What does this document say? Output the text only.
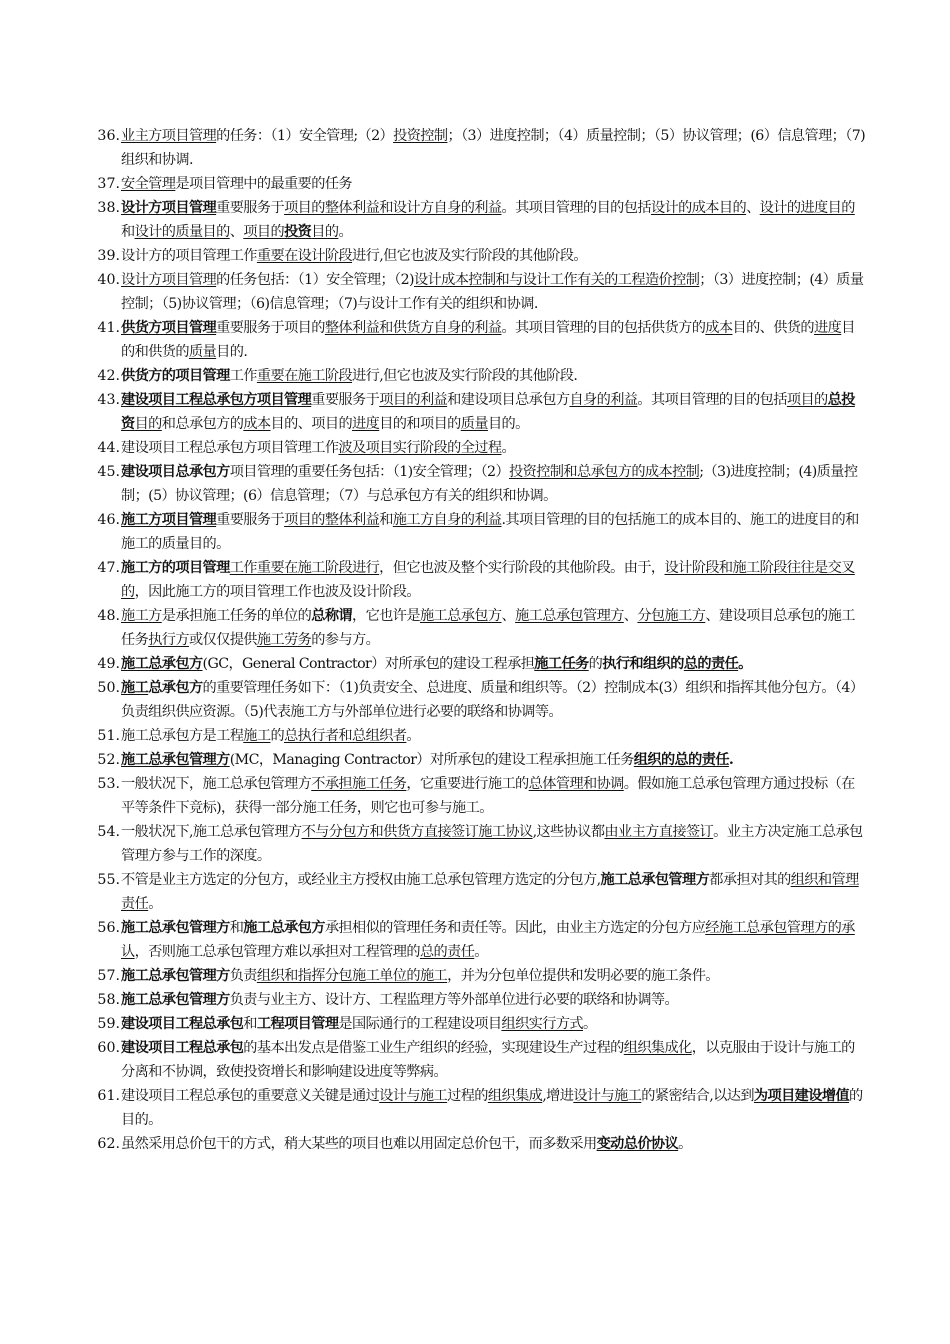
36. 业主方项目管理的任务：（1）安全管理;（2）投资控制；（3）进度控制；（4）质量控制；（5）协议管理；(6）信息管理；（7)组织和协调.
37. 安全管理是项目管理中的最重要的任务
38. 设计方项目管理重要服务于项目的整体利益和设计方自身的利益。其项目管理的目的包括设计的成本目的、设计的进度目的和设计的质量目的、项目的投资目的。
39. 设计方的项目管理工作重要在设计阶段进行,但它也波及实行阶段的其他阶段。
40. 设计方项目管理的任务包括：（1）安全管理；（2)设计成本控制和与设计工作有关的工程造价控制；（3）进度控制；(4）质量控制；（5)协议管理；（6)信息管理；（7)与设计工作有关的组织和协调.
41. 供货方项目管理重要服务于项目的整体利益和供货方自身的利益。其项目管理的目的包括供货方的成本目的、供货的进度目的和供货的质量目的.
42. 供货方的项目管理工作重要在施工阶段进行,但它也波及实行阶段的其他阶段.
43. 建设项目工程总承包方项目管理重要服务于项目的利益和建设项目总承包方自身的利益。其项目管理的目的包括项目的总投资目的和总承包方的成本目的、项目的进度目的和项目的质量目的。
44. 建设项目工程总承包方项目管理工作波及项目实行阶段的全过程。
45. 建设项目总承包方项目管理的重要任务包括：（1)安全管理；（2）投资控制和总承包方的成本控制;（3)进度控制；(4)质量控制；(5）协议管理；(6）信息管理；（7）与总承包方有关的组织和协调。
46. 施工方项目管理重要服务于项目的整体利益和施工方自身的利益.其项目管理的目的包括施工的成本目的、施工的进度目的和施工的质量目的。
47. 施工方的项目管理工作重要在施工阶段进行，但它也波及整个实行阶段的其他阶段。由于，设计阶段和施工阶段往往是交叉的，因此施工方的项目管理工作也波及设计阶段。
48. 施工方是承担施工任务的单位的总称谓，它也许是施工总承包方、施工总承包管理方、分包施工方、建设项目总承包的施工任务执行方或仅仅提供施工劳务的参与方。
49. 施工总承包方(GC，General Contractor）对所承包的建设工程承担施工任务的执行和组织的总的责任。
50. 施工总承包方的重要管理任务如下：（1)负责安全、总进度、质量和组织等。（2）控制成本(3）组织和指挥其他分包方。（4）负责组织供应资源。（5)代表施工方与外部单位进行必要的联络和协调等。
51. 施工总承包方是工程施工的总执行者和总组织者。
52. 施工总承包管理方(MC，Managing Contractor）对所承包的建设工程承担施工任务组织的总的责任.
53. 一般状况下，施工总承包管理方不承担施工任务，它重要进行施工的总体管理和协调。假如施工总承包管理方通过投标（在平等条件下竞标)，获得一部分施工任务，则它也可参与施工。
54. 一般状况下,施工总承包管理方不与分包方和供货方直接签订施工协议,这些协议都由业主方直接签订。业主方决定施工总承包管理方参与工作的深度。
55. 不管是业主方选定的分包方，或经业主方授权由施工总承包管理方选定的分包方,施工总承包管理方都承担对其的组织和管理责任。
56. 施工总承包管理方和施工总承包方承担相似的管理任务和责任等。因此，由业主方选定的分包方应经施工总承包管理方的承认，否则施工总承包管理方难以承担对工程管理的总的责任。
57. 施工总承包管理方负责组织和指挥分包施工单位的施工，并为分包单位提供和发明必要的施工条件。
58. 施工总承包管理方负责与业主方、设计方、工程监理方等外部单位进行必要的联络和协调等。
59. 建设项目工程总承包和工程项目管理是国际通行的工程建设项目组织实行方式。
60. 建设项目工程总承包的基本出发点是借鉴工业生产组织的经验，实现建设生产过程的组织集成化，以克服由于设计与施工的分离和不协调，致使投资增长和影响建设进度等弊病。
61. 建设项目工程总承包的重要意义关键是通过设计与施工过程的组织集成,增进设计与施工的紧密结合,以达到为项目建设增值的目的。
62. 虽然采用总价包干的方式，稍大某些的项目也难以用固定总价包干，而多数采用变动总价协议。
